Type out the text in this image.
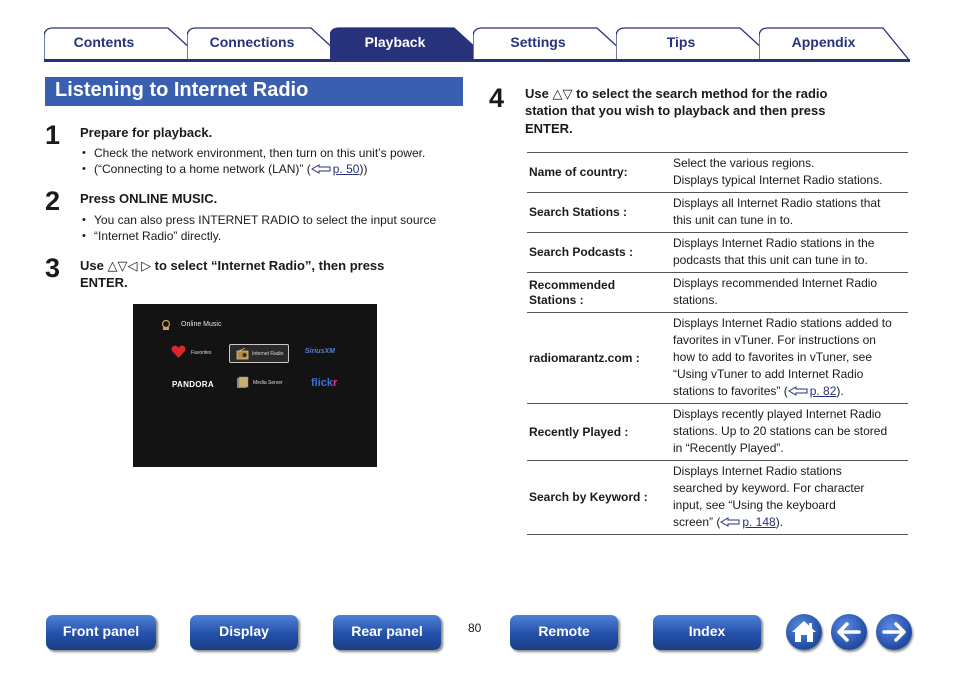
Contents	Connections	Playback	Settings	Tips	Appendix
Listening to Internet Radio
1 Prepare for playback.
• Check the network environment, then turn on this unit’s power.
• (“Connecting to a home network (LAN)” ( p. 50))
2 Press ONLINE MUSIC.
• You can also press INTERNET RADIO to select the input source
• “Internet Radio” directly.
3 Use △▽◁ ▷ to select “Internet Radio”, then press
ENTER.
Online Music
Favorites	Internet Radio	SiriusXM
PANDORA	Media Server	flickr
4 Use △▽ to select the search method for the radio
station that you wish to playback and then press
ENTER.
Name of country:	Select the various regions.
Displays typical Internet Radio stations.

Search Stations :	Displays all Internet Radio stations that
this unit can tune in to.

Search Podcasts :	Displays Internet Radio stations in the
podcasts that this unit can tune in to.

Recommended
Stations :	Displays recommended Internet Radio
stations.

radiomarantz.com :	Displays Internet Radio stations added to
favorites in vTuner. For instructions on
how to add to favorites in vTuner, see
“Using vTuner to add Internet Radio
stations to favorites” ( p. 82).

Recently Played :	Displays recently played Internet Radio
stations. Up to 20 stations can be stored
in “Recently Played”.

Search by Keyword :	Displays Internet Radio stations
searched by keyword. For character
input, see “Using the keyboard
screen” ( p. 148).
Front panel	Display	Rear panel	80	Remote	Index
